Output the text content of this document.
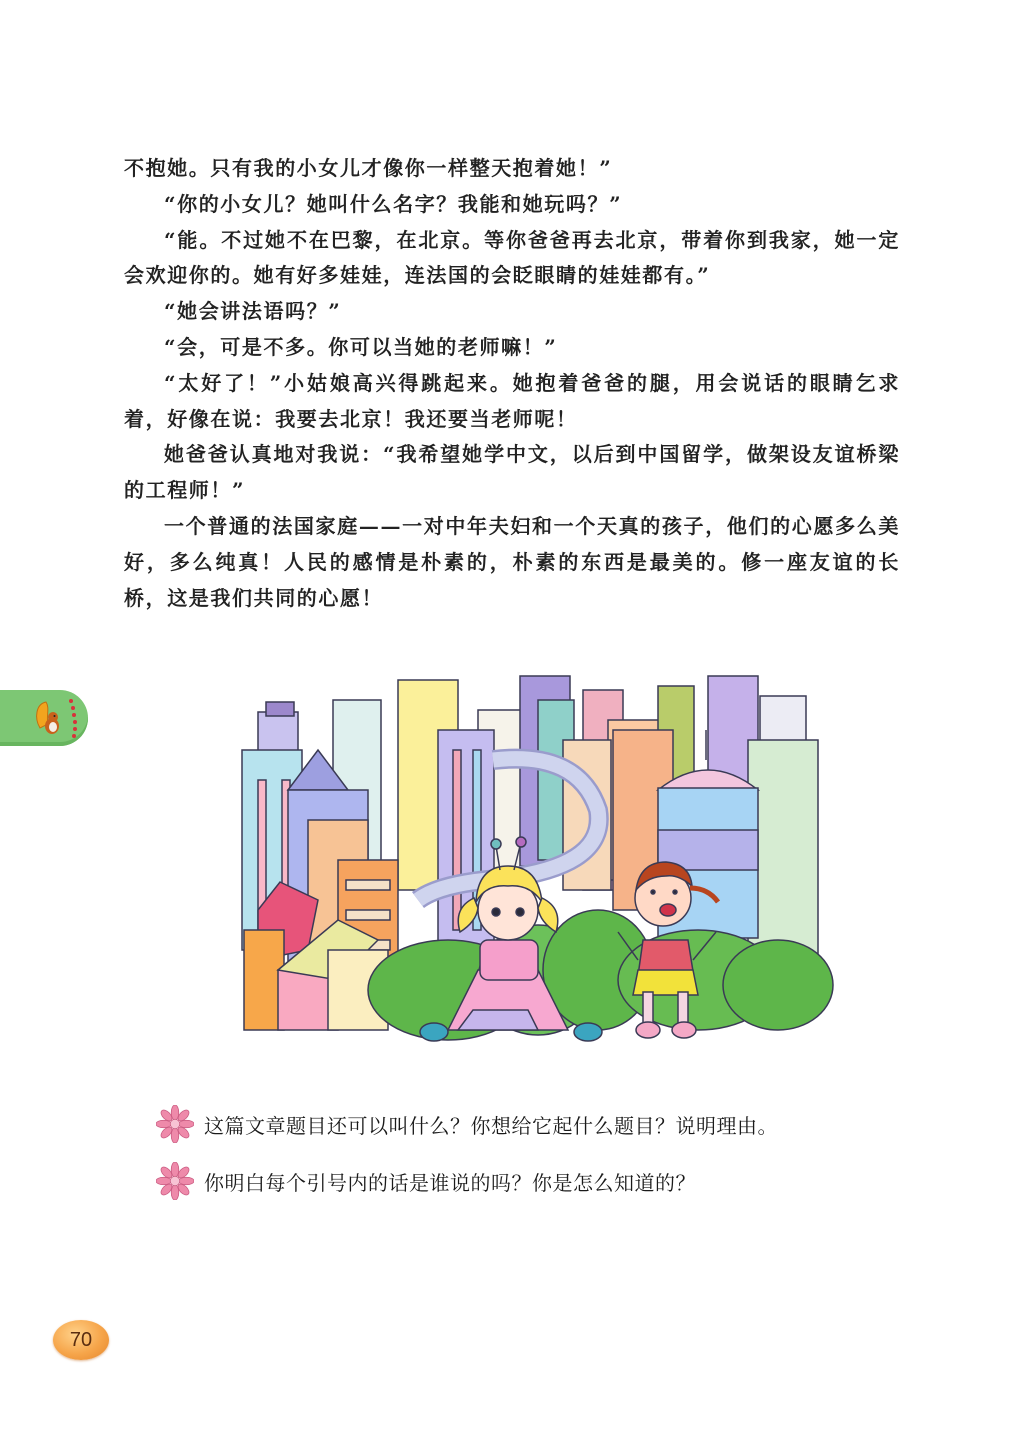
不抱她。只有我的小女儿才像你一样整天抱着她！”

“你的小女儿？她叫什么名字？我能和她玩吗？”

“能。不过她不在巴黎，在北京。等你爸爸再去北京，带着你到我家，她一定会欢迎你的。她有好多娃娃，连法国的会眨眼睛的娃娃都有。”

“她会讲法语吗？”

“会，可是不多。你可以当她的老师嘛！”

“太好了！”小姑娘高兴得跳起来。她抱着爸爸的腿，用会说话的眼睛乞求着，好像在说：我要去北京！我还要当老师呢！

她爸爸认真地对我说：“我希望她学中文，以后到中国留学，做架设友谊桥梁的工程师！”

一个普通的法国家庭——一对中年夫妇和一个天真的孩子，他们的心愿多么美好，多么纯真！人民的感情是朴素的，朴素的东西是最美的。修一座友谊的长桥，这是我们共同的心愿！

这篇文章题目还可以叫什么？你想给它起什么题目？说明理由。
你明白每个引号内的话是谁说的吗？你是怎么知道的？
70
